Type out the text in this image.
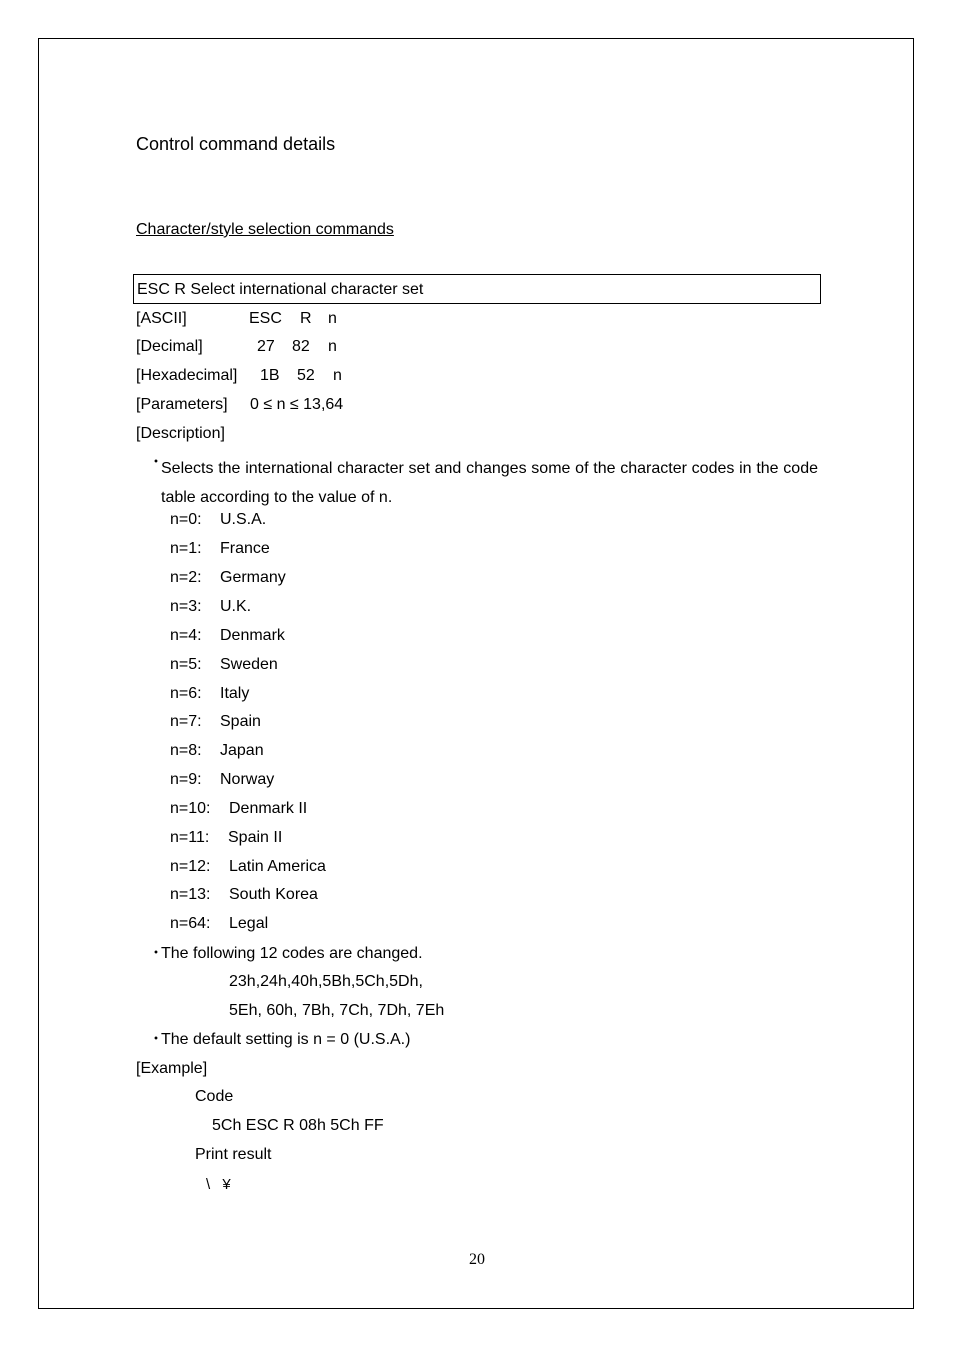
Control command details
Character/style selection commands
ESC R Select international character set
[ASCII]	ESC R n
[Decimal]	27 82 n
[Hexadecimal] 1B 52 n
[Parameters] 0 ≤ n ≤ 13,64
[Description]
・
Selects the international character set and changes some of the character codes in the code table according to the value of n.
n=0: U.S.A.
n=1: France
n=2: Germany
n=3: U.K.
n=4: Denmark
n=5: Sweden
n=6: Italy
n=7: Spain
n=8: Japan
n=9: Norway
n=10: Denmark II
n=11: Spain II
n=12: Latin America
n=13: South Korea
n=64: Legal
・
The following 12 codes are changed.
23h,24h,40h,5Bh,5Ch,5Dh,
5Eh, 60h, 7Bh, 7Ch, 7Dh, 7Eh
・
The default setting is n = 0 (U.S.A.)
[Example]
Code
5Ch ESC R 08h 5Ch FF
Print result
\ ¥
20
